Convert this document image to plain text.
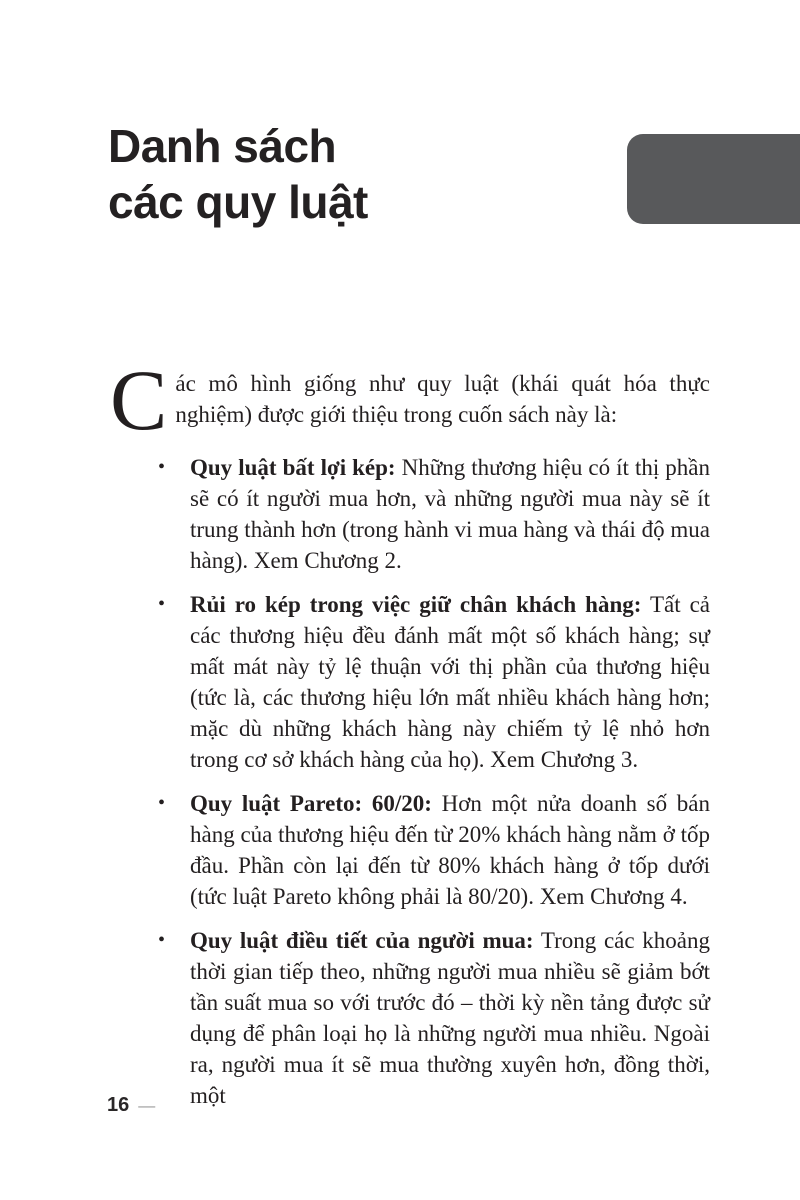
Danh sách
các quy luật

Các mô hình giống như quy luật (khái quát hóa thực nghiệm) được giới thiệu trong cuốn sách này là:

• Quy luật bất lợi kép: Những thương hiệu có ít thị phần sẽ có ít người mua hơn, và những người mua này sẽ ít trung thành hơn (trong hành vi mua hàng và thái độ mua hàng). Xem Chương 2.
• Rủi ro kép trong việc giữ chân khách hàng: Tất cả các thương hiệu đều đánh mất một số khách hàng; sự mất mát này tỷ lệ thuận với thị phần của thương hiệu (tức là, các thương hiệu lớn mất nhiều khách hàng hơn; mặc dù những khách hàng này chiếm tỷ lệ nhỏ hơn trong cơ sở khách hàng của họ). Xem Chương 3.
• Quy luật Pareto: 60/20: Hơn một nửa doanh số bán hàng của thương hiệu đến từ 20% khách hàng nằm ở tốp đầu. Phần còn lại đến từ 80% khách hàng ở tốp dưới (tức luật Pareto không phải là 80/20). Xem Chương 4.
• Quy luật điều tiết của người mua: Trong các khoảng thời gian tiếp theo, những người mua nhiều sẽ giảm bớt tần suất mua so với trước đó – thời kỳ nền tảng được sử dụng để phân loại họ là những người mua nhiều. Ngoài ra, người mua ít sẽ mua thường xuyên hơn, đồng thời, một
16 —
